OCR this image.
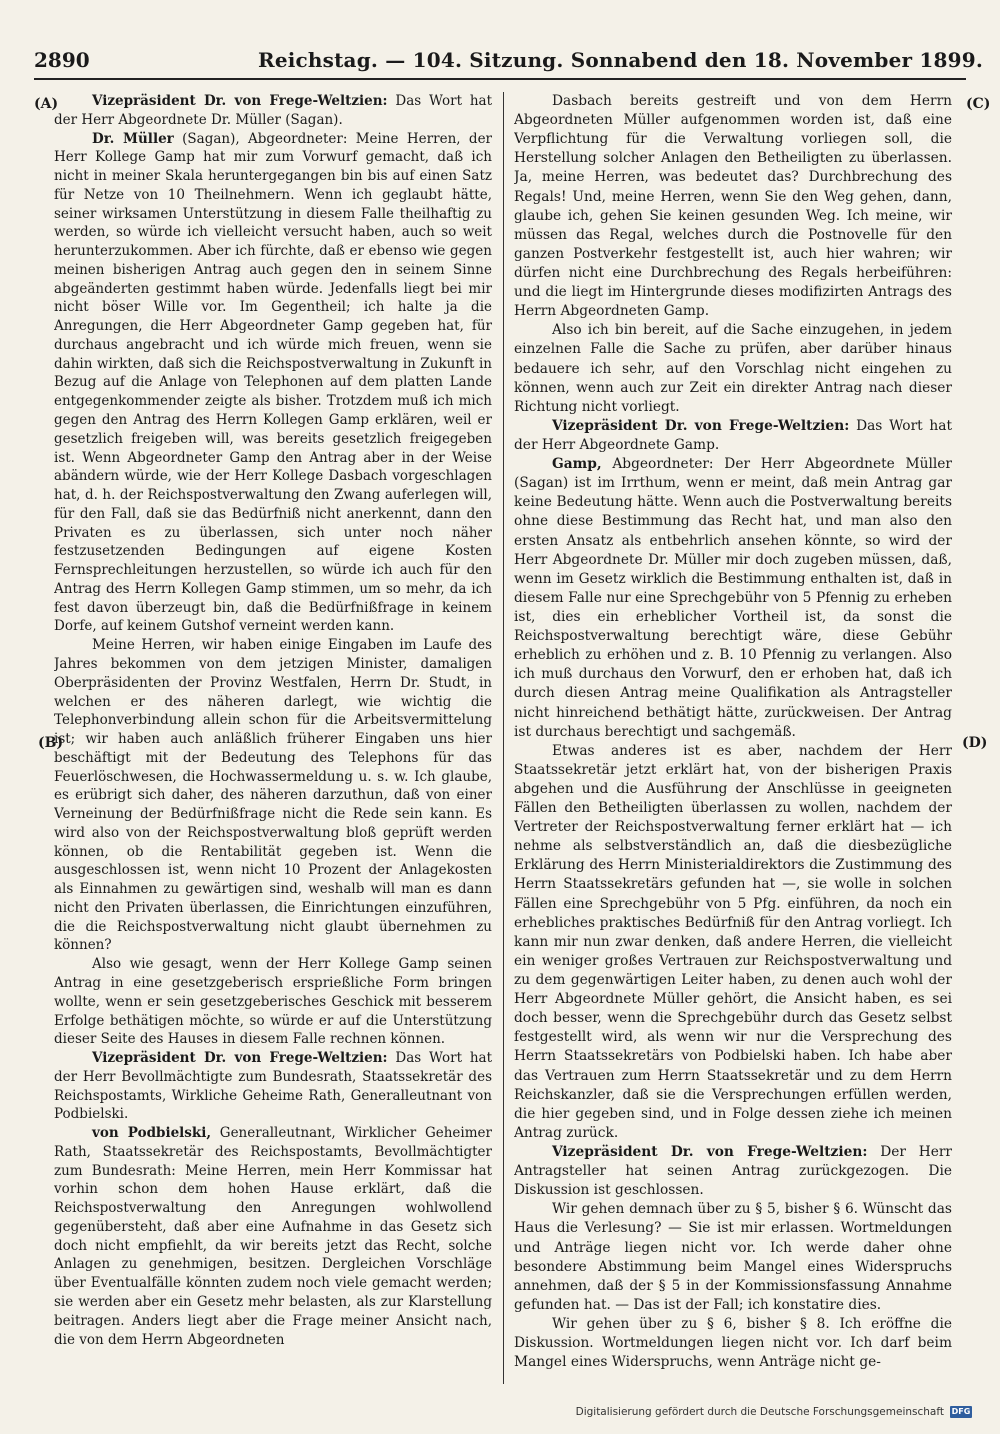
2890	Reichstag. — 104. Sitzung. Sonnabend den 18. November 1899.
(A)
(B)
(C)
(D)

Vizepräsident Dr. von Frege-Weltzien: Das Wort hat der Herr Abgeordnete Dr. Müller (Sagan).

Dr. Müller (Sagan), Abgeordneter: Meine Herren, der Herr Kollege Gamp hat mir zum Vorwurf gemacht, daß ich nicht in meiner Skala heruntergegangen bin bis auf einen Satz für Netze von 10 Theilnehmern. Wenn ich geglaubt hätte, seiner wirksamen Unterstützung in diesem Falle theilhaftig zu werden, so würde ich vielleicht versucht haben, auch so weit herunterzukommen. Aber ich fürchte, daß er ebenso wie gegen meinen bisherigen Antrag auch gegen den in seinem Sinne abgeänderten gestimmt haben würde. Jedenfalls liegt bei mir nicht böser Wille vor. Im Gegentheil; ich halte ja die Anregungen, die Herr Abgeordneter Gamp gegeben hat, für durchaus angebracht und ich würde mich freuen, wenn sie dahin wirkten, daß sich die Reichspostverwaltung in Zukunft in Bezug auf die Anlage von Telephonen auf dem platten Lande entgegenkommender zeigte als bisher. Trotzdem muß ich mich gegen den Antrag des Herrn Kollegen Gamp erklären, weil er gesetzlich freigeben will, was bereits gesetzlich freigegeben ist. Wenn Abgeordneter Gamp den Antrag aber in der Weise abändern würde, wie der Herr Kollege Dasbach vorgeschlagen hat, d. h. der Reichspostverwaltung den Zwang auferlegen will, für den Fall, daß sie das Bedürfniß nicht anerkennt, dann den Privaten es zu überlassen, sich unter noch näher festzusetzenden Bedingungen auf eigene Kosten Fernsprechleitungen herzustellen, so würde ich auch für den Antrag des Herrn Kollegen Gamp stimmen, um so mehr, da ich fest davon überzeugt bin, daß die Bedürfnißfrage in keinem Dorfe, auf keinem Gutshof verneint werden kann.

Meine Herren, wir haben einige Eingaben im Laufe des Jahres bekommen von dem jetzigen Minister, damaligen Oberpräsidenten der Provinz Westfalen, Herrn Dr. Studt, in welchen er des näheren darlegt, wie wichtig die Telephonverbindung allein schon für die Arbeitsvermittelung ist; wir haben auch anläßlich früherer Eingaben uns hier beschäftigt mit der Bedeutung des Telephons für das Feuerlöschwesen, die Hochwassermeldung u. s. w. Ich glaube, es erübrigt sich daher, des näheren darzuthun, daß von einer Verneinung der Bedürfnißfrage nicht die Rede sein kann. Es wird also von der Reichspostverwaltung bloß geprüft werden können, ob die Rentabilität gegeben ist. Wenn die ausgeschlossen ist, wenn nicht 10 Prozent der Anlagekosten als Einnahmen zu gewärtigen sind, weshalb will man es dann nicht den Privaten überlassen, die Einrichtungen einzuführen, die die Reichspostverwaltung nicht glaubt übernehmen zu können?

Also wie gesagt, wenn der Herr Kollege Gamp seinen Antrag in eine gesetzgeberisch ersprießliche Form bringen wollte, wenn er sein gesetzgeberisches Geschick mit besserem Erfolge bethätigen möchte, so würde er auf die Unterstützung dieser Seite des Hauses in diesem Falle rechnen können.

Vizepräsident Dr. von Frege-Weltzien: Das Wort hat der Herr Bevollmächtigte zum Bundesrath, Staatssekretär des Reichspostamts, Wirkliche Geheime Rath, Generalleutnant von Podbielski.

von Podbielski, Generalleutnant, Wirklicher Geheimer Rath, Staatssekretär des Reichspostamts, Bevollmächtigter zum Bundesrath: Meine Herren, mein Herr Kommissar hat vorhin schon dem hohen Hause erklärt, daß die Reichspostverwaltung den Anregungen wohlwollend gegenübersteht, daß aber eine Aufnahme in das Gesetz sich doch nicht empfiehlt, da wir bereits jetzt das Recht, solche Anlagen zu genehmigen, besitzen. Dergleichen Vorschläge über Eventualfälle könnten zudem noch viele gemacht werden; sie werden aber ein Gesetz mehr belasten, als zur Klarstellung beitragen. Anders liegt aber die Frage meiner Ansicht nach, die von dem Herrn Abgeordneten

Dasbach bereits gestreift und von dem Herrn Abgeordneten Müller aufgenommen worden ist, daß eine Verpflichtung für die Verwaltung vorliegen soll, die Herstellung solcher Anlagen den Betheiligten zu überlassen. Ja, meine Herren, was bedeutet das? Durchbrechung des Regals! Und, meine Herren, wenn Sie den Weg gehen, dann, glaube ich, gehen Sie keinen gesunden Weg. Ich meine, wir müssen das Regal, welches durch die Postnovelle für den ganzen Postverkehr festgestellt ist, auch hier wahren; wir dürfen nicht eine Durchbrechung des Regals herbeiführen: und die liegt im Hintergrunde dieses modifizirten Antrags des Herrn Abgeordneten Gamp.

Also ich bin bereit, auf die Sache einzugehen, in jedem einzelnen Falle die Sache zu prüfen, aber darüber hinaus bedauere ich sehr, auf den Vorschlag nicht eingehen zu können, wenn auch zur Zeit ein direkter Antrag nach dieser Richtung nicht vorliegt.

Vizepräsident Dr. von Frege-Weltzien: Das Wort hat der Herr Abgeordnete Gamp.

Gamp, Abgeordneter: Der Herr Abgeordnete Müller (Sagan) ist im Irrthum, wenn er meint, daß mein Antrag gar keine Bedeutung hätte. Wenn auch die Postverwaltung bereits ohne diese Bestimmung das Recht hat, und man also den ersten Ansatz als entbehrlich ansehen könnte, so wird der Herr Abgeordnete Dr. Müller mir doch zugeben müssen, daß, wenn im Gesetz wirklich die Bestimmung enthalten ist, daß in diesem Falle nur eine Sprechgebühr von 5 Pfennig zu erheben ist, dies ein erheblicher Vortheil ist, da sonst die Reichspostverwaltung berechtigt wäre, diese Gebühr erheblich zu erhöhen und z. B. 10 Pfennig zu verlangen. Also ich muß durchaus den Vorwurf, den er erhoben hat, daß ich durch diesen Antrag meine Qualifikation als Antragsteller nicht hinreichend bethätigt hätte, zurückweisen. Der Antrag ist durchaus berechtigt und sachgemäß.

Etwas anderes ist es aber, nachdem der Herr Staatssekretär jetzt erklärt hat, von der bisherigen Praxis abgehen und die Ausführung der Anschlüsse in geeigneten Fällen den Betheiligten überlassen zu wollen, nachdem der Vertreter der Reichspostverwaltung ferner erklärt hat — ich nehme als selbstverständlich an, daß die diesbezügliche Erklärung des Herrn Ministerialdirektors die Zustimmung des Herrn Staatssekretärs gefunden hat —, sie wolle in solchen Fällen eine Sprechgebühr von 5 Pfg. einführen, da noch ein erhebliches praktisches Bedürfniß für den Antrag vorliegt. Ich kann mir nun zwar denken, daß andere Herren, die vielleicht ein weniger großes Vertrauen zur Reichspostverwaltung und zu dem gegenwärtigen Leiter haben, zu denen auch wohl der Herr Abgeordnete Müller gehört, die Ansicht haben, es sei doch besser, wenn die Sprechgebühr durch das Gesetz selbst festgestellt wird, als wenn wir nur die Versprechung des Herrn Staatssekretärs von Podbielski haben. Ich habe aber das Vertrauen zum Herrn Staatssekretär und zu dem Herrn Reichskanzler, daß sie die Versprechungen erfüllen werden, die hier gegeben sind, und in Folge dessen ziehe ich meinen Antrag zurück.

Vizepräsident Dr. von Frege-Weltzien: Der Herr Antragsteller hat seinen Antrag zurückgezogen. Die Diskussion ist geschlossen.

Wir gehen demnach über zu § 5, bisher § 6. Wünscht das Haus die Verlesung? — Sie ist mir erlassen. Wortmeldungen und Anträge liegen nicht vor. Ich werde daher ohne besondere Abstimmung beim Mangel eines Widerspruchs annehmen, daß der § 5 in der Kommissionsfassung Annahme gefunden hat. — Das ist der Fall; ich konstatire dies.

Wir gehen über zu § 6, bisher § 8. Ich eröffne die Diskussion. Wortmeldungen liegen nicht vor. Ich darf beim Mangel eines Widerspruchs, wenn Anträge nicht ge-

Digitalisierung gefördert durch die Deutsche Forschungsgemeinschaft DFG
